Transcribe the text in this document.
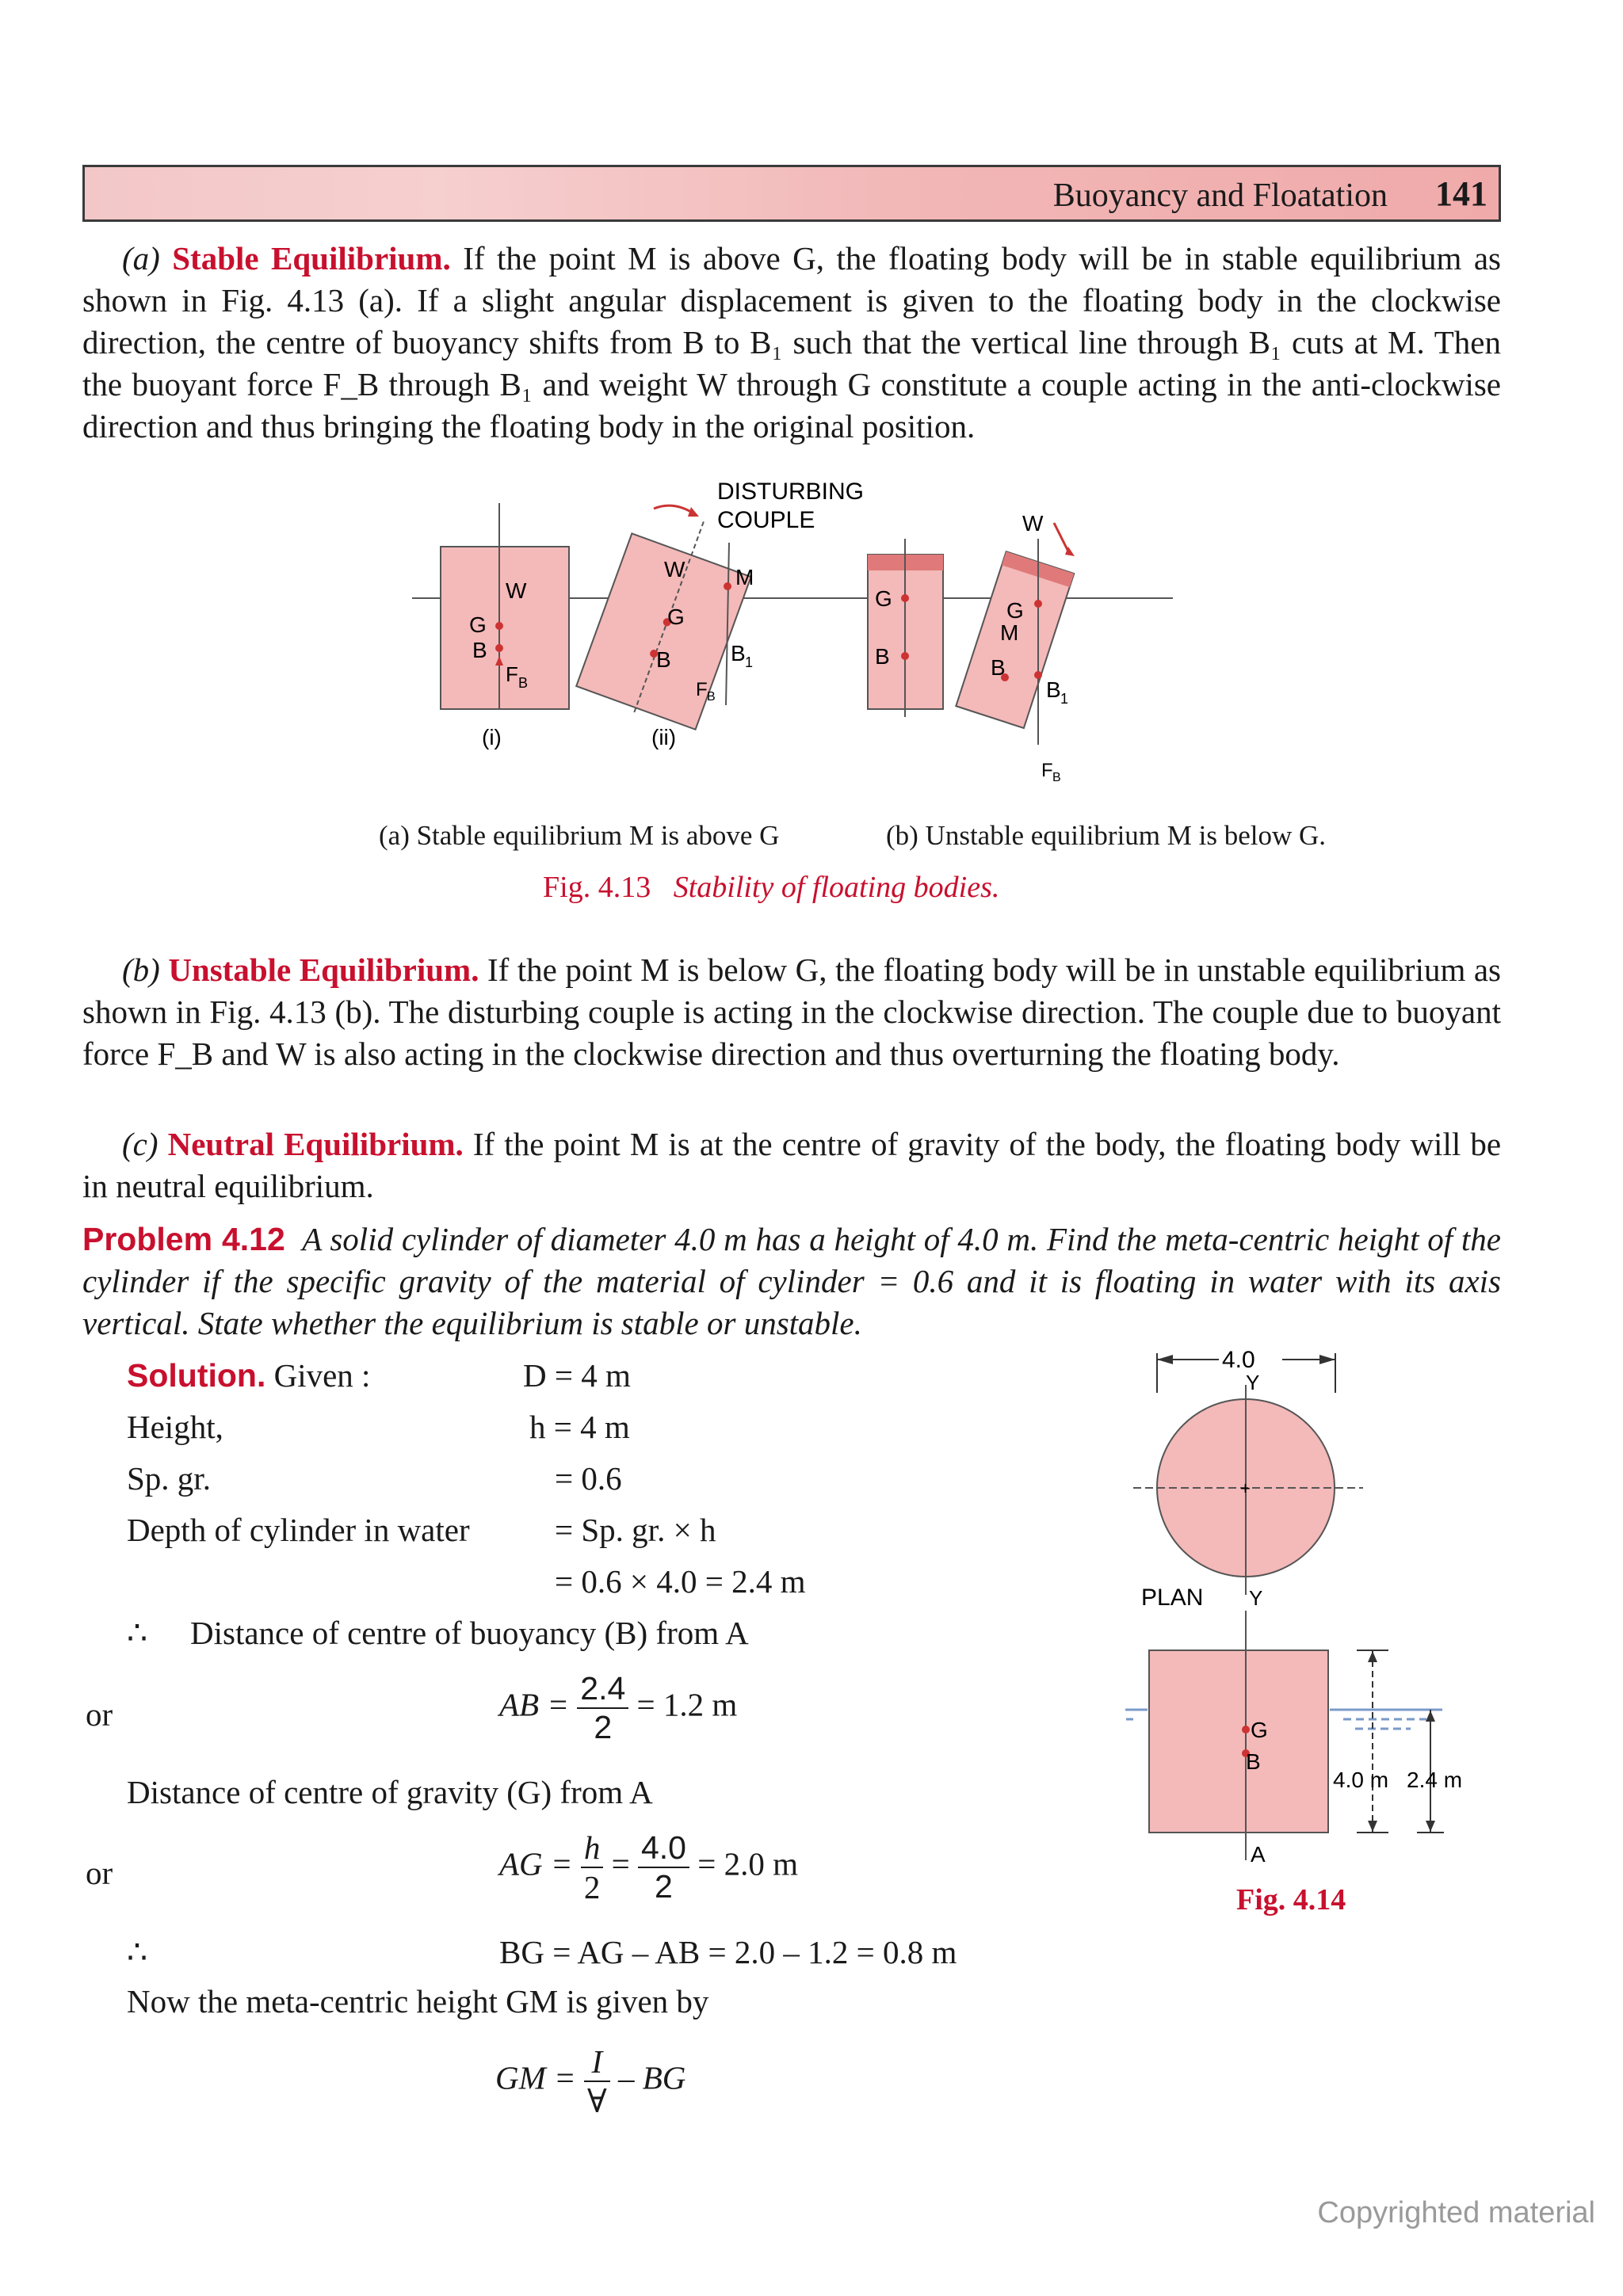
Buoyancy and Floatation 141
(a) Stable Equilibrium. If the point M is above G, the floating body will be in stable equilibrium as shown in Fig. 4.13 (a). If a slight angular displacement is given to the floating body in the clockwise direction, the centre of buoyancy shifts from B to B₁ such that the vertical line through B₁ cuts at M. Then the buoyant force F_B through B₁ and weight W through G constitute a couple acting in the anti-clockwise direction and thus bringing the floating body in the original position.
W
G
B
F B
(i)
W M
G
B	B 1
F B
(ii)
DISTURBING
COUPLE
G
B
W
G
M
B
B 1
F B
(a) Stable equilibrium M is above G	(b) Unstable equilibrium M is below G.
Fig. 4.13 Stability of floating bodies.
(b) Unstable Equilibrium. If the point M is below G, the floating body will be in unstable equilibrium as shown in Fig. 4.13 (b). The disturbing couple is acting in the clockwise direction. The couple due to buoyant force F_B and W is also acting in the clockwise direction and thus overturning the floating body.
(c) Neutral Equilibrium. If the point M is at the centre of gravity of the body, the floating body will be in neutral equilibrium.
Problem 4.12 A solid cylinder of diameter 4.0 m has a height of 4.0 m. Find the meta-centric height of the cylinder if the specific gravity of the material of cylinder = 0.6 and it is floating in water with its axis vertical. State whether the equilibrium is stable or unstable.
Solution. Given :	D = 4 m
Height,	h = 4 m
Sp. gr.	= 0.6
Depth of cylinder in water	= Sp. gr. × h
= 0.6 × 4.0 = 2.4 m
∴ Distance of centre of buoyancy (B) from A
or	AB = $\frac{2.4}{2} = 1.2$ m
Distance of centre of gravity (G) from A
or	AG = $\frac{h}{2} = \frac{4.0}{2} = 2.0$ m
∴	BG = AG – AB = 2.0 – 1.2 = 0.8 m
Now the meta-centric height GM is given by
GM = $\frac{I}{\forall}$ – BG
4.0
Y
+
PLAN Y
G
B
A
4.0 m 2.4 m
Fig. 4.14
Copyrighted material
